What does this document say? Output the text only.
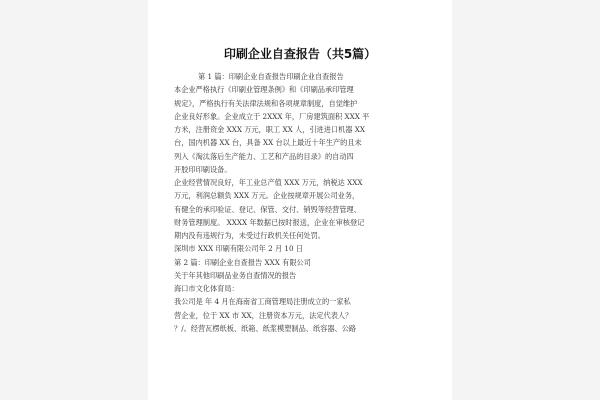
印刷企业自查报告（共5篇）
第 1 篇：印刷企业自查报告印刷企业自查报告
本企业严格执行《印刷业管理条例》和《印刷品承印管理
规定》，严格执行有关法律法规和各项规章制度，自觉维护
企业良好形象。企业成立于 2XXX 年，厂房建筑面积 XXX 平
方米，注册资金 XXX 万元，职工 XX 人，引进进口机器 XX
台，国内机器 XX 台，具备 XX 台以上最近十年生产的且未
列入《淘汰落后生产能力、工艺和产品的目录》的自动四
开胶印印刷设备。
企业经营情况良好，年工业总产值 XXX 万元，纳税达 XXX
万元，利润总额负 XXX 万元。企业按规章开展公司业务，
有健全的承印验证、登记、保管、交付、销毁等经营管理、
财务管理制度。 XXXX 年数据已按时报送，企业在审核登记
期内没有违规行为，未受过行政机关任何处罚。
深圳市 XXX 印刷有限公司年 2 月 10 日
第 2 篇：印刷企业自查报告 XXX 有限公司
关于年其他印刷品业务自查情况的报告
海口市文化体育局：
我公司是 年 4 月在海南省工商管理局注册成立的一家私
营企业，位于 XX 市 XX，注册资本万元，法定代表人？
？/。经营瓦楞纸板、纸箱、纸浆模塑制品、纸容器、公路
